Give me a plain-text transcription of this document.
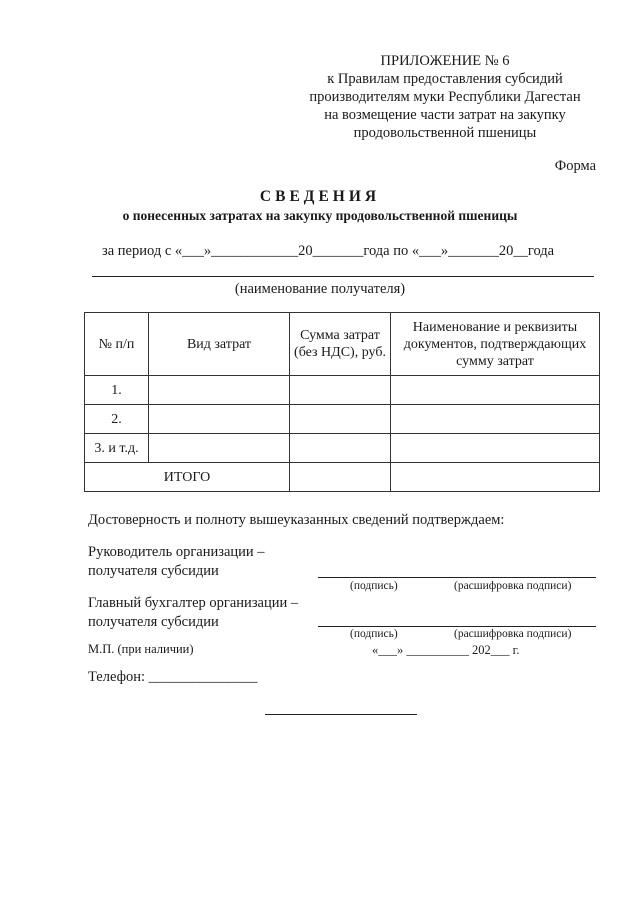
ПРИЛОЖЕНИЕ № 6
к Правилам предоставления субсидий
производителям муки Республики Дагестан
на возмещение части затрат на закупку
продовольственной пшеницы
Форма
СВЕДЕНИЯ
о понесенных затратах на закупку продовольственной пшеницы
за период с «___»____________20_______года по «___»_______20__года
(наименование получателя)
№ п/п	Вид затрат	Сумма затрат (без НДС), руб.	Наименование и реквизиты документов, подтверждающих сумму затрат
1.			
2.			
3. и т.д.			
ИТОГО			
Достоверность и полноту вышеуказанных сведений подтверждаем:
Руководитель организации –
получателя субсидии
(подпись)	(расшифровка подписи)
Главный бухгалтер организации –
получателя субсидии
(подпись)	(расшифровка подписи)
М.П. (при наличии)	«___» __________ 202___ г.
Телефон: _______________
